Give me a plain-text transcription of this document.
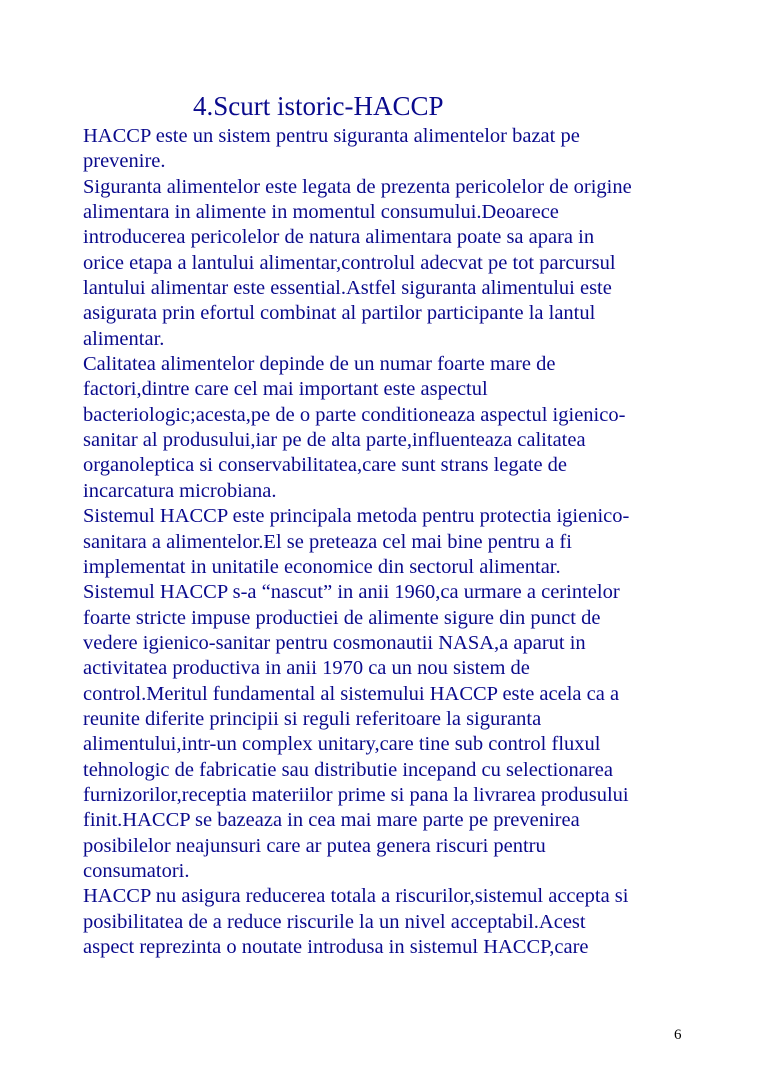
4.Scurt istoric-HACCP
HACCP este un sistem pentru siguranta alimentelor bazat pe
prevenire.
Siguranta alimentelor este legata de prezenta pericolelor de origine
alimentara in alimente in momentul consumului.Deoarece
introducerea pericolelor de natura alimentara poate sa apara in
orice etapa a lantului alimentar,controlul adecvat pe tot parcursul
lantului alimentar este essential.Astfel siguranta alimentului este
asigurata prin efortul combinat al partilor participante la lantul
alimentar.
Calitatea alimentelor depinde de un numar foarte mare de
factori,dintre care cel mai important este aspectul
bacteriologic;acesta,pe de o parte conditioneaza aspectul igienico-
sanitar al produsului,iar pe de alta parte,influenteaza calitatea
organoleptica si conservabilitatea,care sunt strans legate de
incarcatura microbiana.
Sistemul HACCP este principala metoda pentru protectia igienico-
sanitara a alimentelor.El se preteaza cel mai bine pentru a fi
implementat in unitatile economice din sectorul alimentar.
Sistemul HACCP s-a “nascut” in anii 1960,ca urmare a cerintelor
foarte stricte impuse productiei de alimente sigure din punct de
vedere igienico-sanitar pentru cosmonautii NASA,a aparut in
activitatea productiva in anii 1970 ca un nou sistem de
control.Meritul fundamental al sistemului HACCP este acela ca a
reunite diferite principii si reguli referitoare la siguranta
alimentului,intr-un complex unitary,care tine sub control fluxul
tehnologic de fabricatie sau distributie incepand cu selectionarea
furnizorilor,receptia materiilor prime si pana la livrarea produsului
finit.HACCP se bazeaza in cea mai mare parte pe prevenirea
posibilelor neajunsuri care ar putea genera riscuri pentru
consumatori.
HACCP nu asigura reducerea totala a riscurilor,sistemul accepta si
posibilitatea de a reduce riscurile la un nivel acceptabil.Acest
aspect reprezinta o noutate introdusa in sistemul HACCP,care
6
